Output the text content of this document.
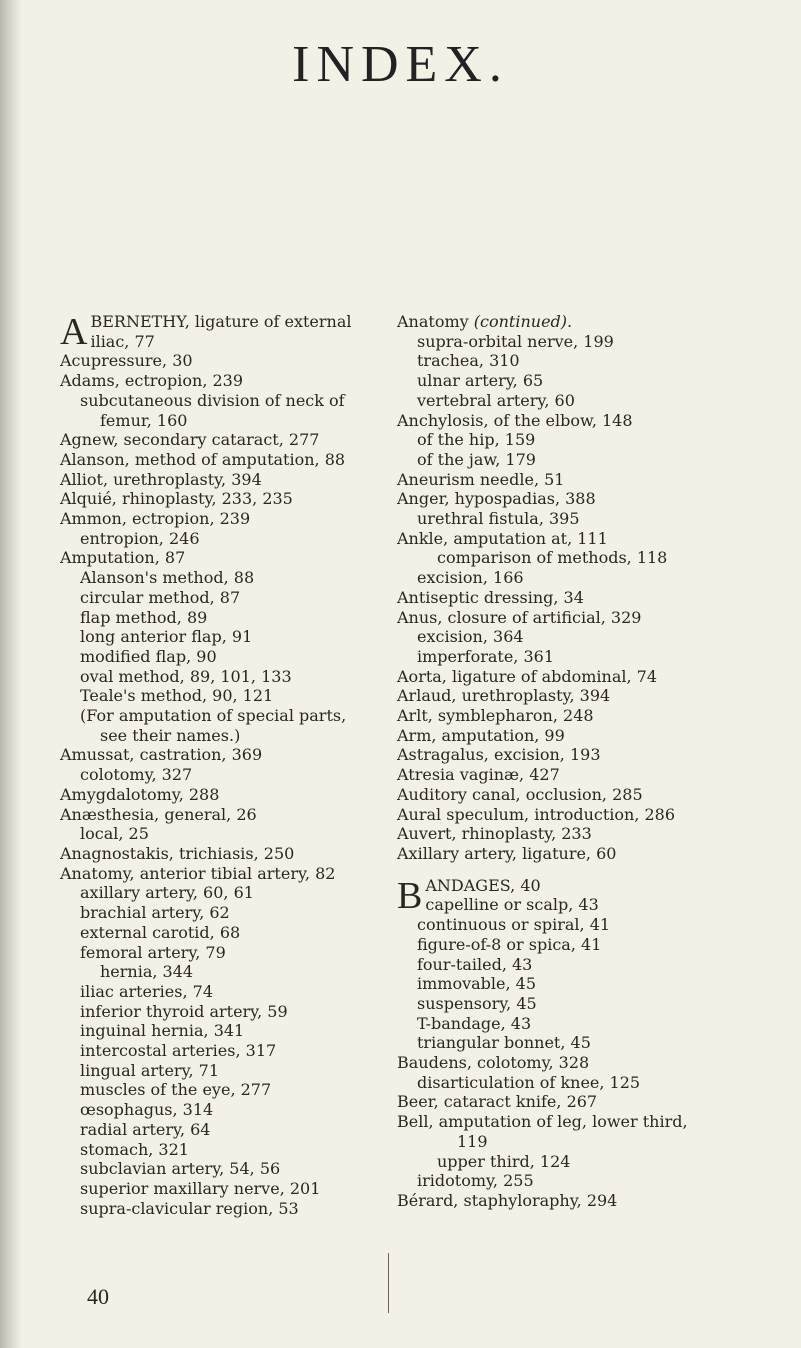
INDEX.
ABERNETHY, ligature of external
iliac, 77
Acupressure, 30
Adams, ectropion, 239
subcutaneous division of neck of
femur, 160
Agnew, secondary cataract, 277
Alanson, method of amputation, 88
Alliot, urethroplasty, 394
Alquié, rhinoplasty, 233, 235
Ammon, ectropion, 239
entropion, 246
Amputation, 87
Alanson's method, 88
circular method, 87
flap method, 89
long anterior flap, 91
modified flap, 90
oval method, 89, 101, 133
Teale's method, 90, 121
(For amputation of special parts,
see their names.)
Amussat, castration, 369
colotomy, 327
Amygdalotomy, 288
Anæsthesia, general, 26
local, 25
Anagnostakis, trichiasis, 250
Anatomy, anterior tibial artery, 82
axillary artery, 60, 61
brachial artery, 62
external carotid, 68
femoral artery, 79
hernia, 344
iliac arteries, 74
inferior thyroid artery, 59
inguinal hernia, 341
intercostal arteries, 317
lingual artery, 71
muscles of the eye, 277
œsophagus, 314
radial artery, 64
stomach, 321
subclavian artery, 54, 56
superior maxillary nerve, 201
supra-clavicular region, 53
Anatomy (continued).
supra-orbital nerve, 199
trachea, 310
ulnar artery, 65
vertebral artery, 60
Anchylosis, of the elbow, 148
of the hip, 159
of the jaw, 179
Aneurism needle, 51
Anger, hypospadias, 388
urethral fistula, 395
Ankle, amputation at, 111
comparison of methods, 118
excision, 166
Antiseptic dressing, 34
Anus, closure of artificial, 329
excision, 364
imperforate, 361
Aorta, ligature of abdominal, 74
Arlaud, urethroplasty, 394
Arlt, symblepharon, 248
Arm, amputation, 99
Astragalus, excision, 193
Atresia vaginæ, 427
Auditory canal, occlusion, 285
Aural speculum, introduction, 286
Auvert, rhinoplasty, 233
Axillary artery, ligature, 60
BANDAGES, 40
capelline or scalp, 43
continuous or spiral, 41
figure-of-8 or spica, 41
four-tailed, 43
immovable, 45
suspensory, 45
T-bandage, 43
triangular bonnet, 45
Baudens, colotomy, 328
disarticulation of knee, 125
Beer, cataract knife, 267
Bell, amputation of leg, lower third,
119
upper third, 124
iridotomy, 255
Bérard, staphyloraphy, 294
40
